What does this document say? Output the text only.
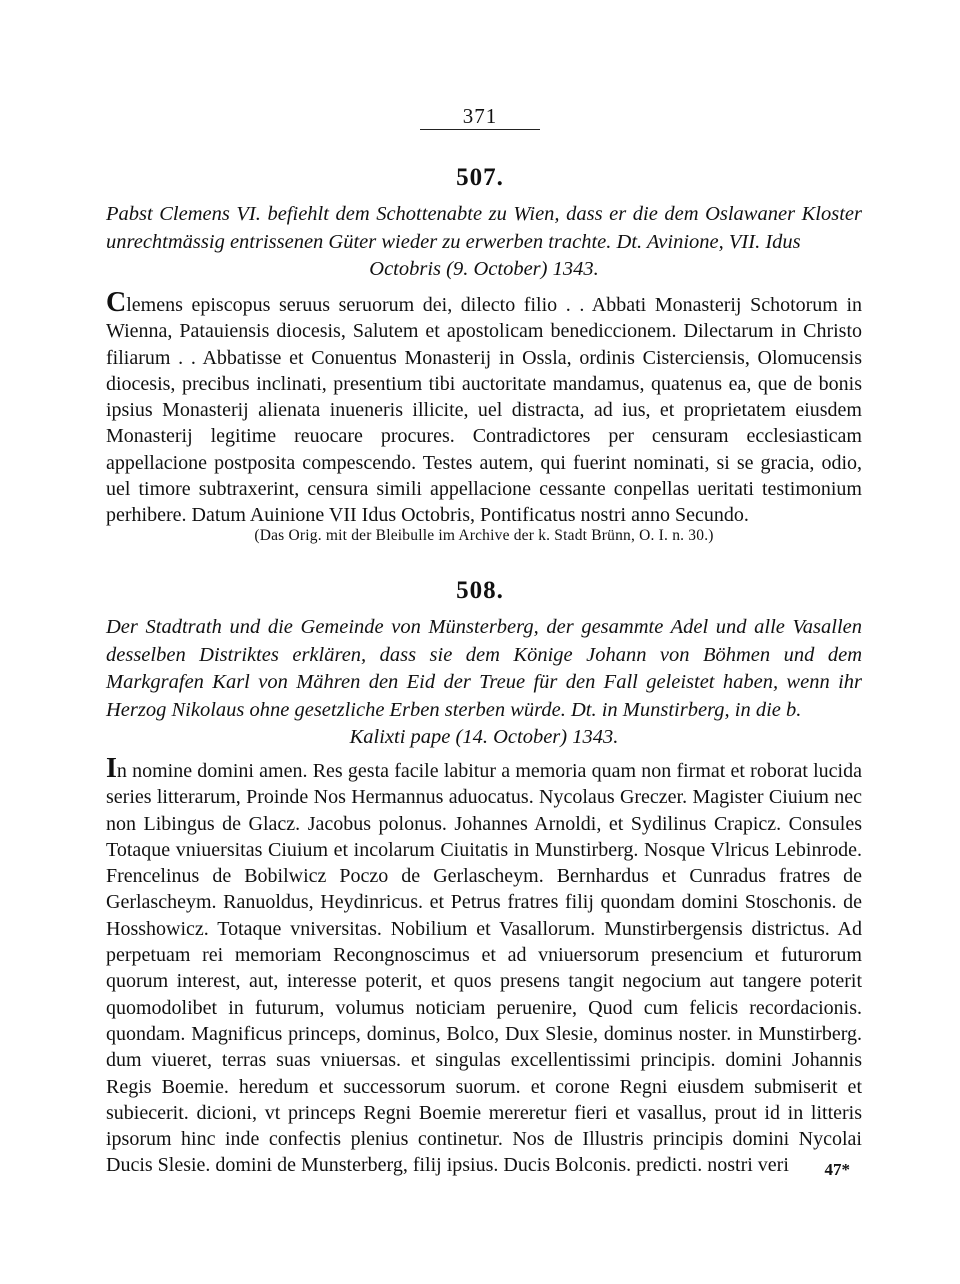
371
507.
Pabst Clemens VI. befiehlt dem Schottenabte zu Wien, dass er die dem Oslawaner Kloster unrechtmässig entrissenen Güter wieder zu erwerben trachte. Dt. Avinione, VII. Idus
Octobris (9. October) 1343.
Clemens episcopus seruus seruorum dei, dilecto filio . . Abbati Monasterij Schotorum in Wienna, Patauiensis diocesis, Salutem et apostolicam benediccionem. Dilectarum in Christo filiarum . . Abbatisse et Conuentus Monasterij in Ossla, ordinis Cisterciensis, Olomucensis diocesis, precibus inclinati, presentium tibi auctoritate mandamus, quatenus ea, que de bonis ipsius Monasterij alienata inueneris illicite, uel distracta, ad ius, et proprietatem eiusdem Monasterij legitime reuocare procures. Contradictores per censuram ecclesiasticam appellacione postposita compescendo. Testes autem, qui fuerint nominati, si se gracia, odio, uel timore subtraxerint, censura simili appellacione cessante conpellas ueritati testimonium perhibere. Datum Auinione VII Idus Octobris, Pontificatus nostri anno Secundo.
(Das Orig. mit der Bleibulle im Archive der k. Stadt Brünn, O. I. n. 30.)
508.
Der Stadtrath und die Gemeinde von Münsterberg, der gesammte Adel und alle Vasallen desselben Distriktes erklären, dass sie dem Könige Johann von Böhmen und dem Markgrafen Karl von Mähren den Eid der Treue für den Fall geleistet haben, wenn ihr Herzog Nikolaus ohne gesetzliche Erben sterben würde. Dt. in Munstirberg, in die b.
Kalixti pape (14. October) 1343.
In nomine domini amen. Res gesta facile labitur a memoria quam non firmat et roborat lucida series litterarum, Proinde Nos Hermannus aduocatus. Nycolaus Greczer. Magister Ciuium nec non Libingus de Glacz. Jacobus polonus. Johannes Arnoldi, et Sydilinus Crapicz. Consules Totaque vniuersitas Ciuium et incolarum Ciuitatis in Munstirberg. Nosque Vlricus Lebinrode. Frencelinus de Bobilwicz Poczo de Gerlascheym. Bernhardus et Cunradus fratres de Gerlascheym. Ranuoldus, Heydinricus. et Petrus fratres filij quondam domini Stoschonis. de Hosshowicz. Totaque vniversitas. Nobilium et Vasallorum. Munstirbergensis districtus. Ad perpetuam rei memoriam Recongnoscimus et ad vniuersorum presencium et futurorum quorum interest, aut, interesse poterit, et quos presens tangit negocium aut tangere poterit quomodolibet in futurum, volumus noticiam peruenire, Quod cum felicis recordacionis. quondam. Magnificus princeps, dominus, Bolco, Dux Slesie, dominus noster. in Munstirberg. dum viueret, terras suas vniuersas. et singulas excellentissimi principis. domini Johannis Regis Boemie. heredum et successorum suorum. et corone Regni eiusdem submiserit et subiecerit. dicioni, vt princeps Regni Boemie mereretur fieri et vasallus, prout id in litteris ipsorum hinc inde confectis plenius continetur. Nos de Illustris principis domini Nycolai Ducis Slesie. domini de Munsterberg, filij ipsius. Ducis Bolconis. predicti. nostri veri	47*
